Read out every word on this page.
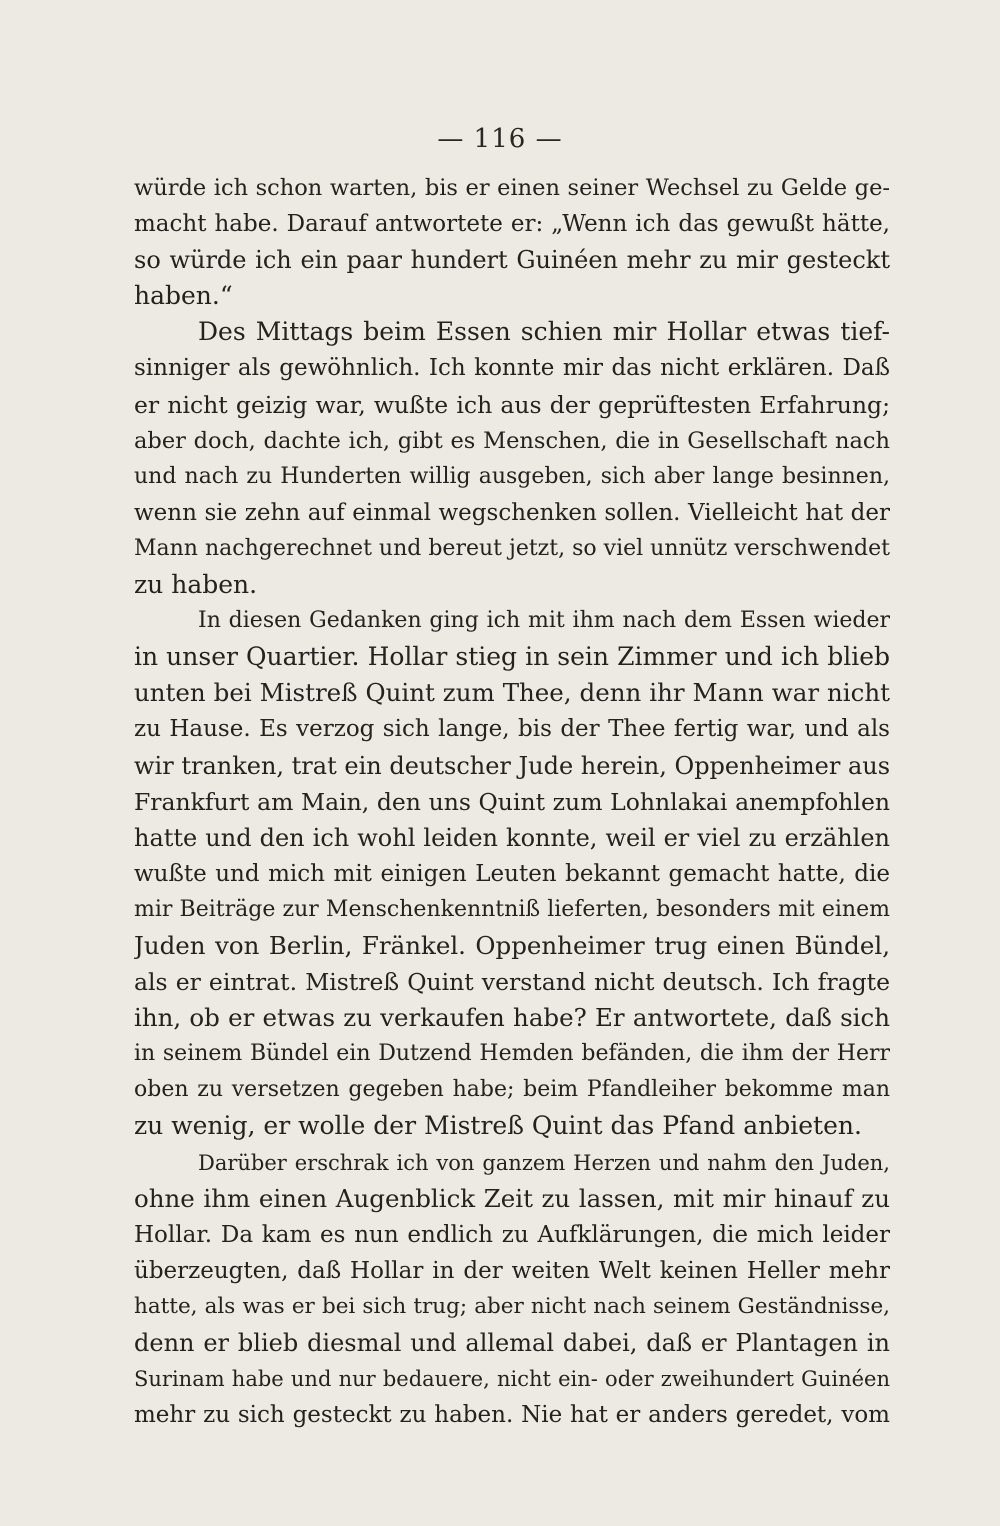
— 116 —
würde ich schon warten, bis er einen seiner Wechsel zu Gelde ge-
macht habe. Darauf antwortete er: „Wenn ich das gewußt hätte,
so würde ich ein paar hundert Guinéen mehr zu mir gesteckt
haben.“
Des Mittags beim Essen schien mir Hollar etwas tief-
sinniger als gewöhnlich. Ich konnte mir das nicht erklären. Daß
er nicht geizig war, wußte ich aus der geprüftesten Erfahrung;
aber doch, dachte ich, gibt es Menschen, die in Gesellschaft nach
und nach zu Hunderten willig ausgeben, sich aber lange besinnen,
wenn sie zehn auf einmal wegschenken sollen. Vielleicht hat der
Mann nachgerechnet und bereut jetzt, so viel unnütz verschwendet
zu haben.
In diesen Gedanken ging ich mit ihm nach dem Essen wieder
in unser Quartier. Hollar stieg in sein Zimmer und ich blieb
unten bei Mistreß Quint zum Thee, denn ihr Mann war nicht
zu Hause. Es verzog sich lange, bis der Thee fertig war, und als
wir tranken, trat ein deutscher Jude herein, Oppenheimer aus
Frankfurt am Main, den uns Quint zum Lohnlakai anempfohlen
hatte und den ich wohl leiden konnte, weil er viel zu erzählen
wußte und mich mit einigen Leuten bekannt gemacht hatte, die
mir Beiträge zur Menschenkenntniß lieferten, besonders mit einem
Juden von Berlin, Fränkel. Oppenheimer trug einen Bündel,
als er eintrat. Mistreß Quint verstand nicht deutsch. Ich fragte
ihn, ob er etwas zu verkaufen habe? Er antwortete, daß sich
in seinem Bündel ein Dutzend Hemden befänden, die ihm der Herr
oben zu versetzen gegeben habe; beim Pfandleiher bekomme man
zu wenig, er wolle der Mistreß Quint das Pfand anbieten.
Darüber erschrak ich von ganzem Herzen und nahm den Juden,
ohne ihm einen Augenblick Zeit zu lassen, mit mir hinauf zu
Hollar. Da kam es nun endlich zu Aufklärungen, die mich leider
überzeugten, daß Hollar in der weiten Welt keinen Heller mehr
hatte, als was er bei sich trug; aber nicht nach seinem Geständnisse,
denn er blieb diesmal und allemal dabei, daß er Plantagen in
Surinam habe und nur bedauere, nicht ein- oder zweihundert Guinéen
mehr zu sich gesteckt zu haben. Nie hat er anders geredet, vom
